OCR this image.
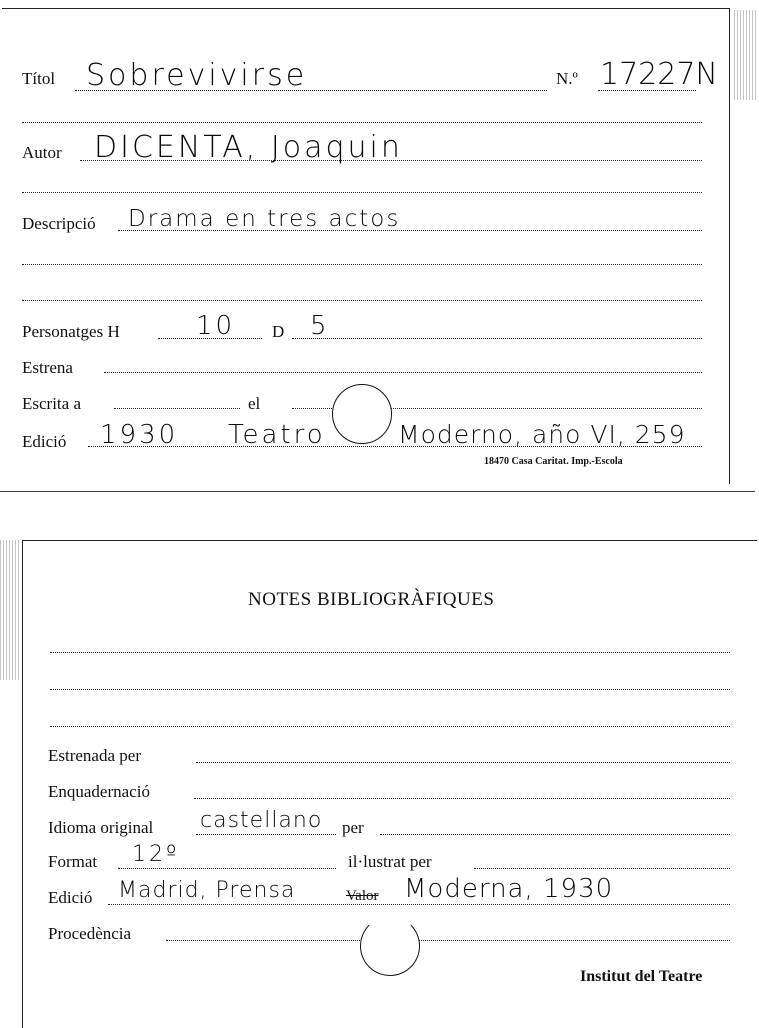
Títol Sobrevivirse	N.º 17227N
Autor DICENTA, Joaquin
Descripció Drama en tres actos
Personatges H	10 D 5
Estrena
Escrita a	el
Edició 1930 Teatro	Moderno, año VI, 259
18470 Casa Caritat. Imp.-Escola
NOTES BIBLIOGRÀFIQUES
Estrenada per
Enquadernació
Idioma original castellano per
Format 12º	il·lustrat per
Edició Madrid, Prensa	Valor Moderna, 1930
Procedència
Institut del Teatre
